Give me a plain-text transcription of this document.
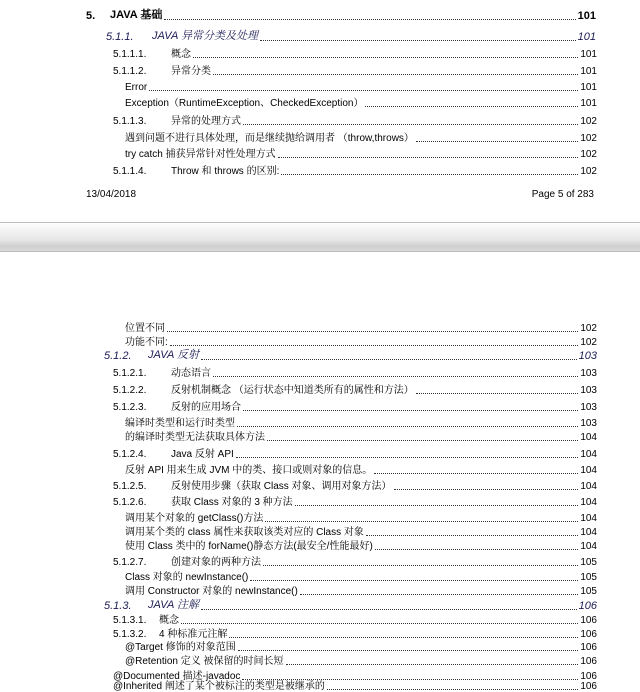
5.	JAVA 基础	101
5.1.1.	JAVA 异常分类及处理	101
5.1.1.1.	概念	101
5.1.1.2.	异常分类	101
Error	101
Exception（RuntimeException、CheckedException）	101
5.1.1.3.	异常的处理方式	102
遇到问题不进行具体处理，而是继续抛给调用者 （throw,throws）	102
try catch 捕获异常针对性处理方式	102
5.1.1.4.	Throw 和 throws 的区别:	102
13/04/2018	Page 5 of 283
位置不同	102
功能不同:	102
5.1.2.	JAVA 反射	103
5.1.2.1.	动态语言	103
5.1.2.2.	反射机制概念 （运行状态中知道类所有的属性和方法）	103
5.1.2.3.	反射的应用场合	103
编译时类型和运行时类型	103
的编译时类型无法获取具体方法	104
5.1.2.4.	Java 反射 API	104
反射 API 用来生成 JVM 中的类、接口或则对象的信息。	104
5.1.2.5.	反射使用步骤（获取 Class 对象、调用对象方法）	104
5.1.2.6.	获取 Class 对象的 3 种方法	104
调用某个对象的 getClass()方法	104
调用某个类的 class 属性来获取该类对应的 Class 对象	104
使用 Class 类中的 forName()静态方法(最安全/性能最好)	104
5.1.2.7.	创建对象的两种方法	105
Class 对象的 newInstance()	105
调用 Constructor 对象的 newInstance()	105
5.1.3.	JAVA 注解	106
5.1.3.1.	概念	106
5.1.3.2.	4 种标准元注解	106
@Target 修饰的对象范围	106
@Retention 定义 被保留的时间长短	106
@Documented 描述-javadoc	106
@Inherited 阐述了某个被标注的类型是被继承的	106
